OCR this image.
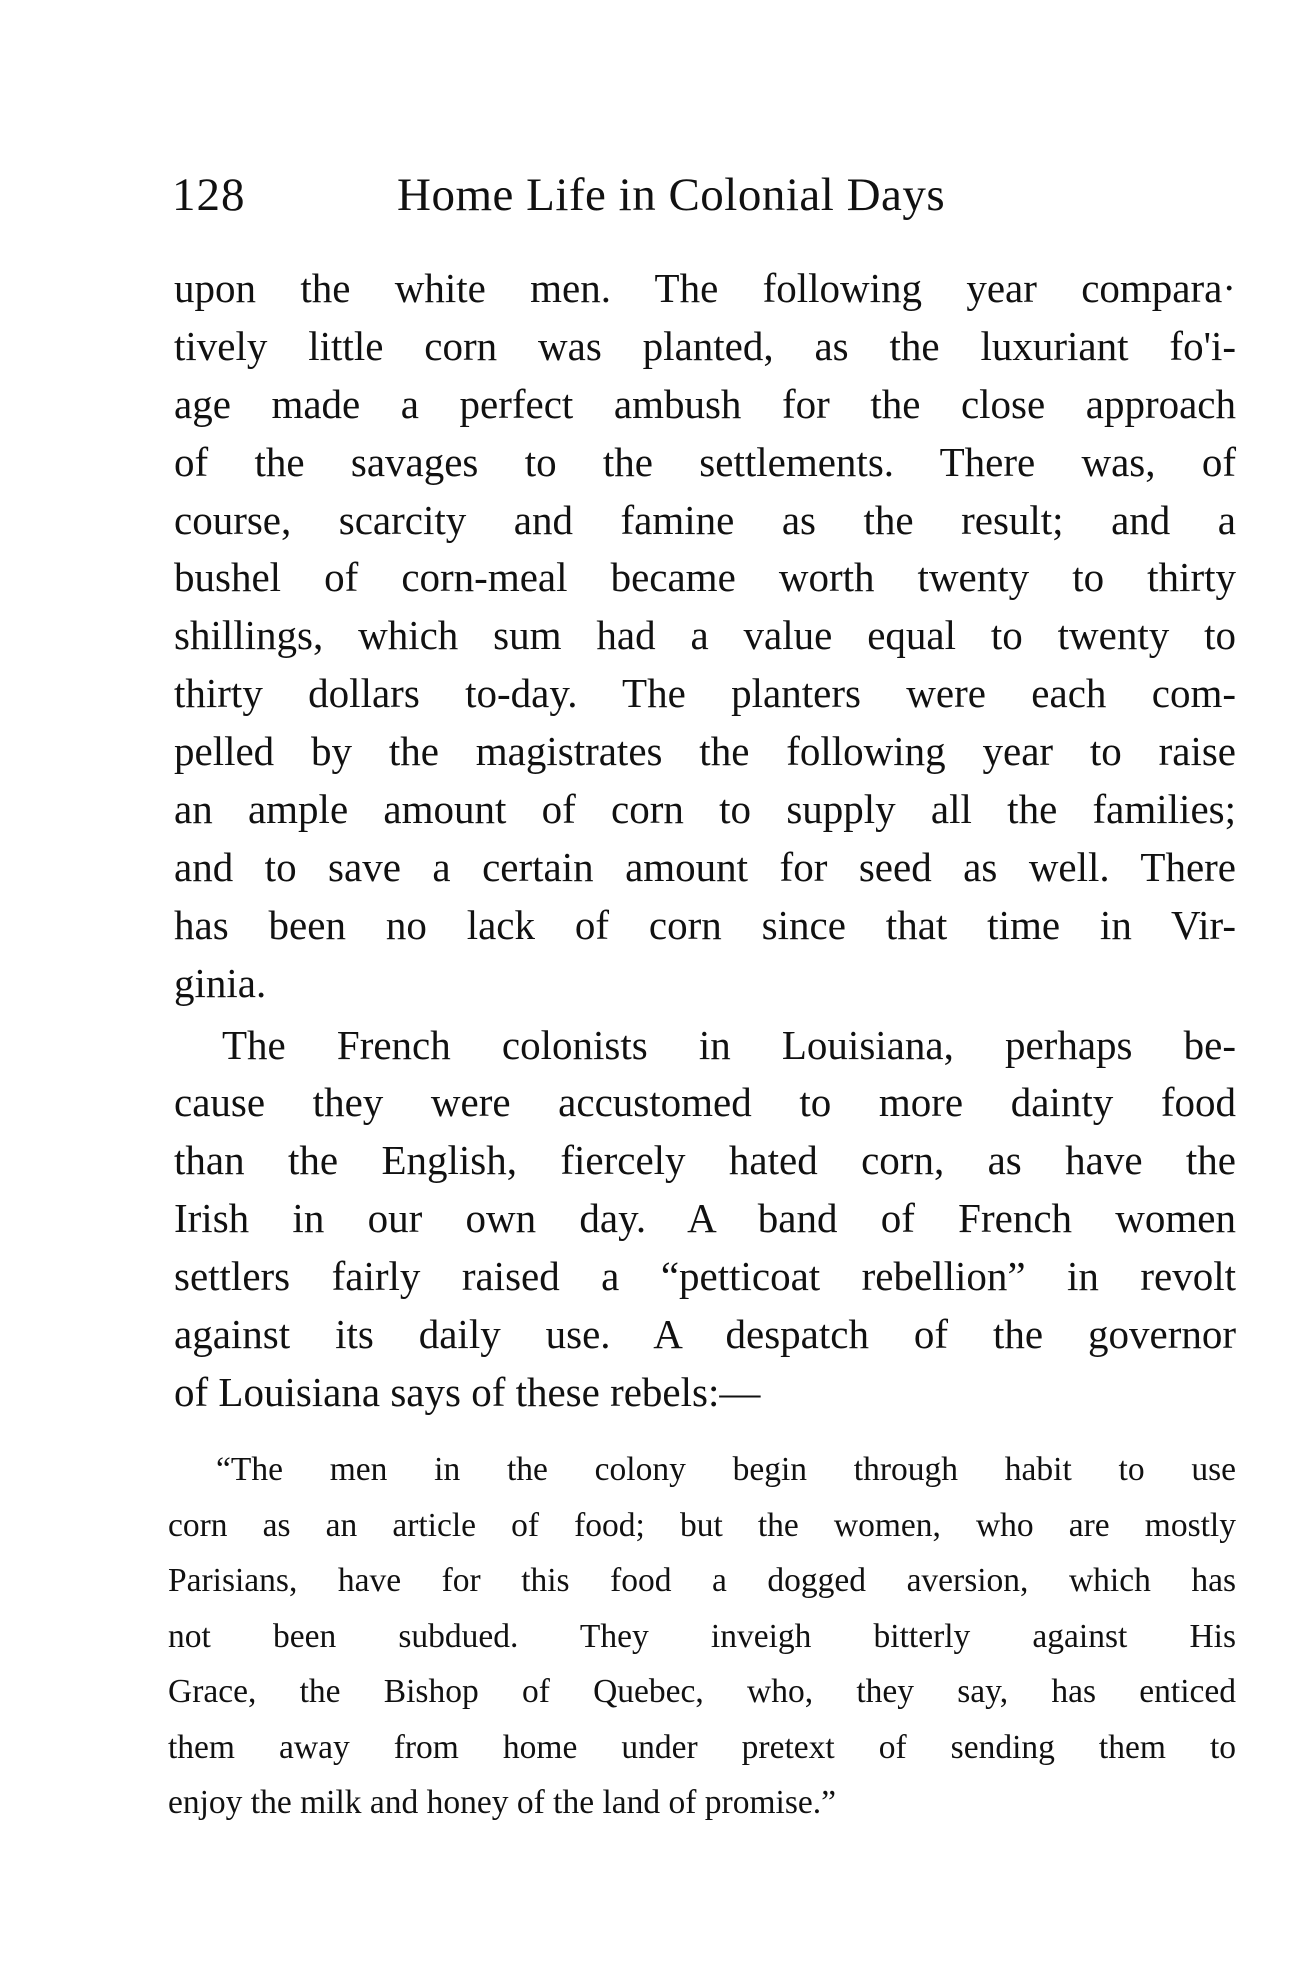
128	Home Life in Colonial Days

upon the white men. The following year compara·
tively little corn was planted, as the luxuriant fo'i-
age made a perfect ambush for the close approach
of the savages to the settlements. There was, of
course, scarcity and famine as the result; and a
bushel of corn-meal became worth twenty to thirty
shillings, which sum had a value equal to twenty to
thirty dollars to-day. The planters were each com-
pelled by the magistrates the following year to raise
an ample amount of corn to supply all the families;
and to save a certain amount for seed as well. There
has been no lack of corn since that time in Vir-
ginia.

The French colonists in Louisiana, perhaps be-
cause they were accustomed to more dainty food
than the English, fiercely hated corn, as have the
Irish in our own day. A band of French women
settlers fairly raised a “petticoat rebellion” in revolt
against its daily use. A despatch of the governor
of Louisiana says of these rebels:—

“The men in the colony begin through habit to use
corn as an article of food; but the women, who are mostly
Parisians, have for this food a dogged aversion, which has
not been subdued. They inveigh bitterly against His
Grace, the Bishop of Quebec, who, they say, has enticed
them away from home under pretext of sending them to
enjoy the milk and honey of the land of promise.”
